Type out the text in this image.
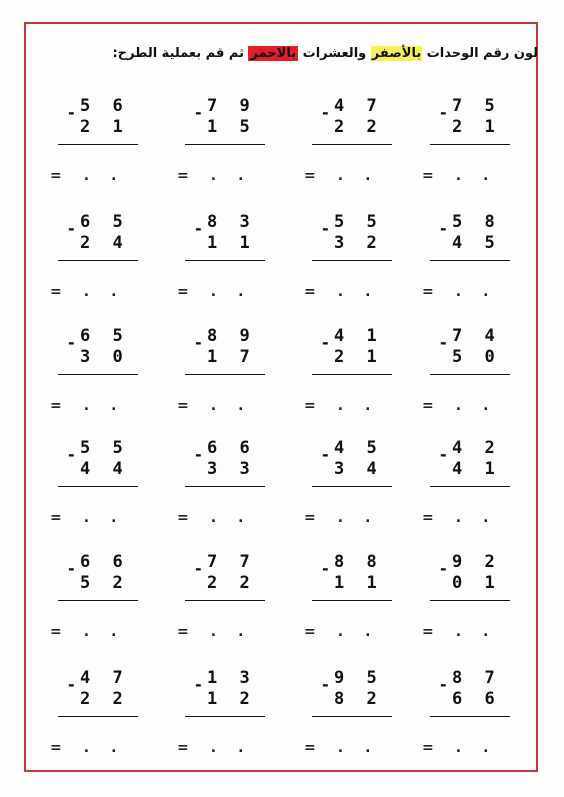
لون رقم الوحدات بالأصفر والعشرات بالاحمر ثم قم بعملية الطرح:
- 5 6
2 1
= . .
- 7 9
1 5
= . .
- 4 7
2 2
= . .
- 7 5
2 1
= . .
- 6 5
2 4
= . .
- 8 3
1 1
= . .
- 5 5
3 2
= . .
- 5 8
4 5
= . .
- 6 5
3 0
= . .
- 8 9
1 7
= . .
- 4 1
2 1
= . .
- 7 4
5 0
= . .
- 5 5
4 4
= . .
- 6 6
3 3
= . .
- 4 5
3 4
= . .
- 4 2
4 1
= . .
- 6 6
5 2
= . .
- 7 7
2 2
= . .
- 8 8
1 1
= . .
- 9 2
0 1
= . .
- 4 7
2 2
= . .
- 1 3
1 2
= . .
- 9 5
8 2
= . .
- 8 7
6 6
= . .
